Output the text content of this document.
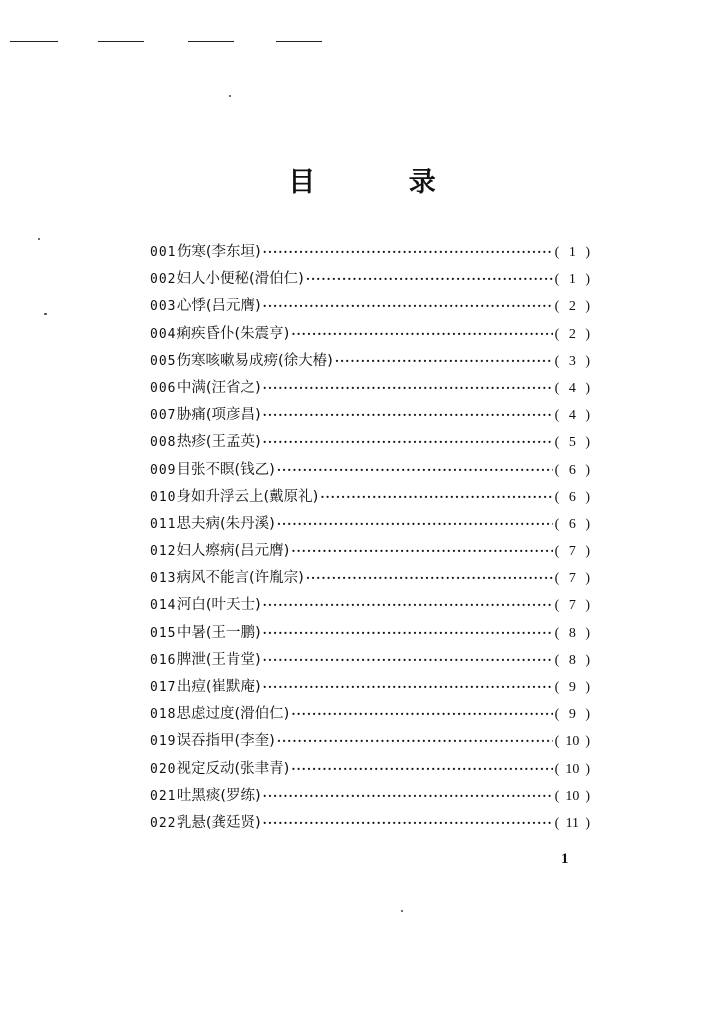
目 录
001 伤寒(李东垣) ·····	( 1 )
002 妇人小便秘(滑伯仁) ·····	( 1 )
003 心悸(吕元膺) ·····	( 2 )
004 痢疾昏仆(朱震亨) ·····	( 2 )
005 伤寒咳嗽易成痨(徐大椿) ·····	( 3 )
006 中满(汪省之) ·····	( 4 )
007 胁痛(项彦昌) ·····	( 4 )
008 热疹(王孟英) ·····	( 5 )
009 目张不瞑(钱乙) ·····	( 6 )
010 身如升浮云上(戴原礼) ·····	( 6 )
011 思夫病(朱丹溪) ·····	( 6 )
012 妇人瘵病(吕元膺) ·····	( 7 )
013 病风不能言(许胤宗) ·····	( 7 )
014 河白(叶天士) ·····	( 7 )
015 中暑(王一鹏) ·····	( 8 )
016 脾泄(王肯堂) ·····	( 8 )
017 出痘(崔默庵) ·····	( 9 )
018 思虑过度(滑伯仁) ·····	( 9 )
019 误吞指甲(李奎) ·····	( 10 )
020 视定反动(张聿青) ·····	( 10 )
021 吐黑痰(罗练) ·····	( 10 )
022 乳悬(龚廷贤) ·····	( 11 )
1
